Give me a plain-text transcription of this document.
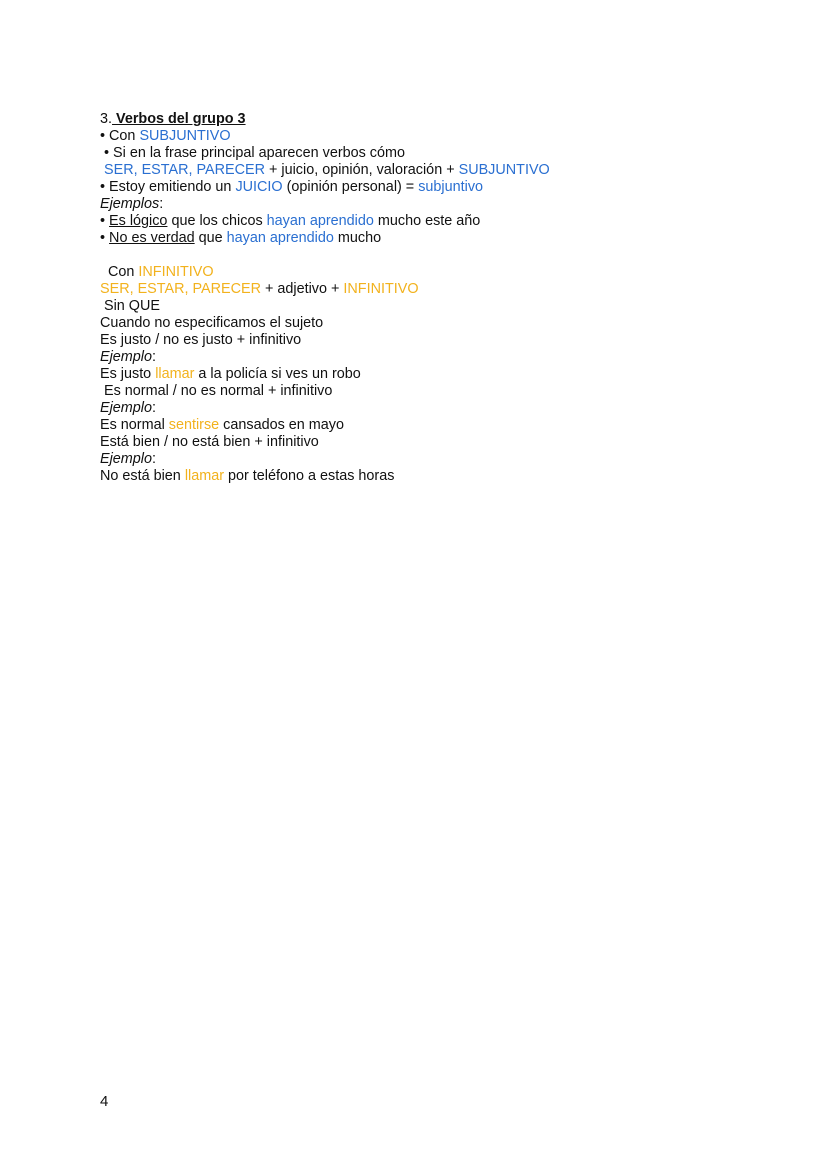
3. Verbos del grupo 3
• Con SUBJUNTIVO
• Si en la frase principal aparecen verbos cómo
SER, ESTAR, PARECER + juicio, opinión, valoración + SUBJUNTIVO
• Estoy emitiendo un JUICIO (opinión personal) = subjuntivo
Ejemplos:
• Es lógico que los chicos hayan aprendido mucho este año
• No es verdad que hayan aprendido mucho
Con INFINITIVO
SER, ESTAR, PARECER + adjetivo + INFINITIVO
Sin QUE
Cuando no especificamos el sujeto
Es justo / no es justo + infinitivo
Ejemplo:
Es justo llamar a la policía si ves un robo
Es normal / no es normal + infinitivo
Ejemplo:
Es normal sentirse cansados en mayo
Está bien / no está bien + infinitivo
Ejemplo:
No está bien llamar por teléfono a estas horas
4
